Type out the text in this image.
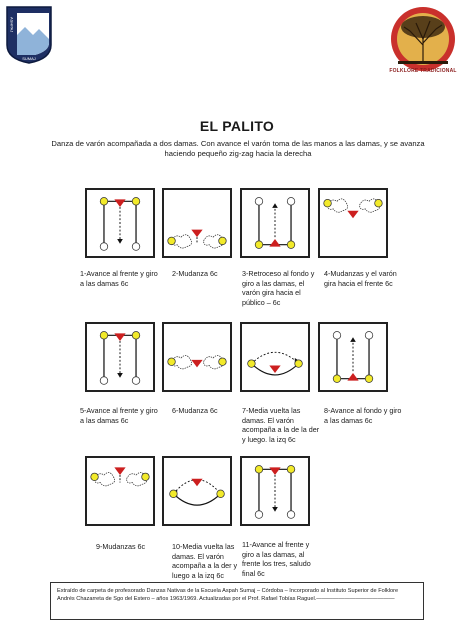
ASHPAJ
SUMAJ
FOLKLORE TRADICIONAL
EL PALITO
Danza de varón acompañada a dos damas. Con avance el varón toma de las manos a las damas, y se avanza haciendo pequeño zig-zag hacia la derecha
1-Avance al frente y giro a las damas 6c
2-Mudanza 6c	3-Retroceso al fondo y giro a las damas, el varón gira hacia el público – 6c
4-Mudanzas y el varón gira hacia el frente 6c
5-Avance al frente y giro a las damas 6c
6-Mudanza 6c	7-Media vuelta las damas. El varón acompaña a la de la der y luego. la izq 6c
8-Avance al fondo y giro a las damas 6c
9-Mudanzas 6c	10-Media vuelta las damas. El varón acompaña a la der y luego a la izq 6c
11-Avance al frente y giro a las damas, al frente los tres, saludo final 6c
Extraído de carpeta de profesorado Danzas Nativas de la Escuela Aspah Sumaj – Córdoba – Incorporado al Instituto Superior de Folklore Andrés Chazarreta de Sgo del Estero – años 1963/1969. Actualizadas por el Prof. Rafael Tobías Raguel.——————————————
